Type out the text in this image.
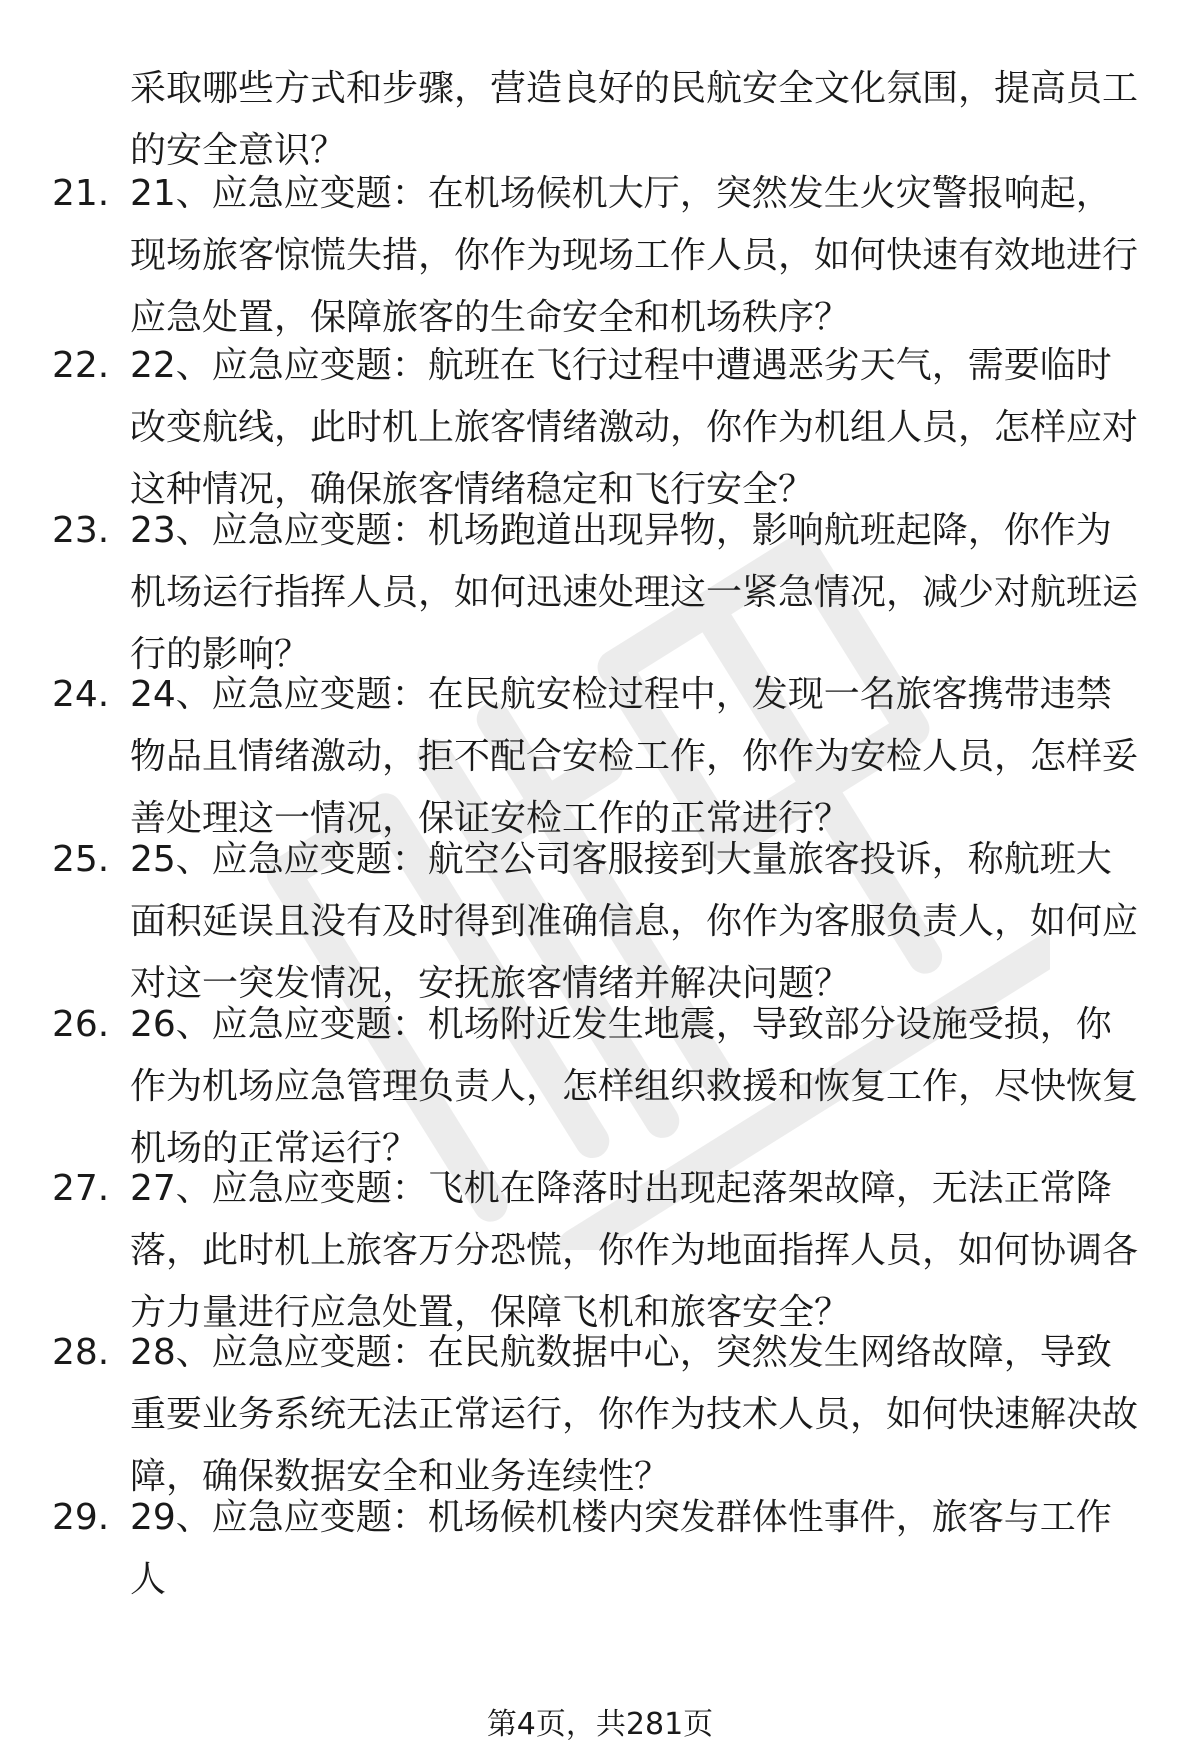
采取哪些方式和步骤，营造良好的民航安全文化氛围，提高员工的安全意识？

21. 21、应急应变题：在机场候机大厅，突然发生火灾警报响起，现场旅客惊慌失措，你作为现场工作人员，如何快速有效地进行应急处置，保障旅客的生命安全和机场秩序？

22. 22、应急应变题：航班在飞行过程中遭遇恶劣天气，需要临时改变航线，此时机上旅客情绪激动，你作为机组人员，怎样应对这种情况，确保旅客情绪稳定和飞行安全？

23. 23、应急应变题：机场跑道出现异物，影响航班起降，你作为机场运行指挥人员，如何迅速处理这一紧急情况，减少对航班运行的影响？

24. 24、应急应变题：在民航安检过程中，发现一名旅客携带违禁物品且情绪激动，拒不配合安检工作，你作为安检人员，怎样妥善处理这一情况，保证安检工作的正常进行？

25. 25、应急应变题：航空公司客服接到大量旅客投诉，称航班大面积延误且没有及时得到准确信息，你作为客服负责人，如何应对这一突发情况，安抚旅客情绪并解决问题？

26. 26、应急应变题：机场附近发生地震，导致部分设施受损，你作为机场应急管理负责人，怎样组织救援和恢复工作，尽快恢复机场的正常运行？

27. 27、应急应变题：飞机在降落时出现起落架故障，无法正常降落，此时机上旅客万分恐慌，你作为地面指挥人员，如何协调各方力量进行应急处置，保障飞机和旅客安全？

28. 28、应急应变题：在民航数据中心，突然发生网络故障，导致重要业务系统无法正常运行，你作为技术人员，如何快速解决故障，确保数据安全和业务连续性？

29. 29、应急应变题：机场候机楼内突发群体性事件，旅客与工作人

第4页，共281页
